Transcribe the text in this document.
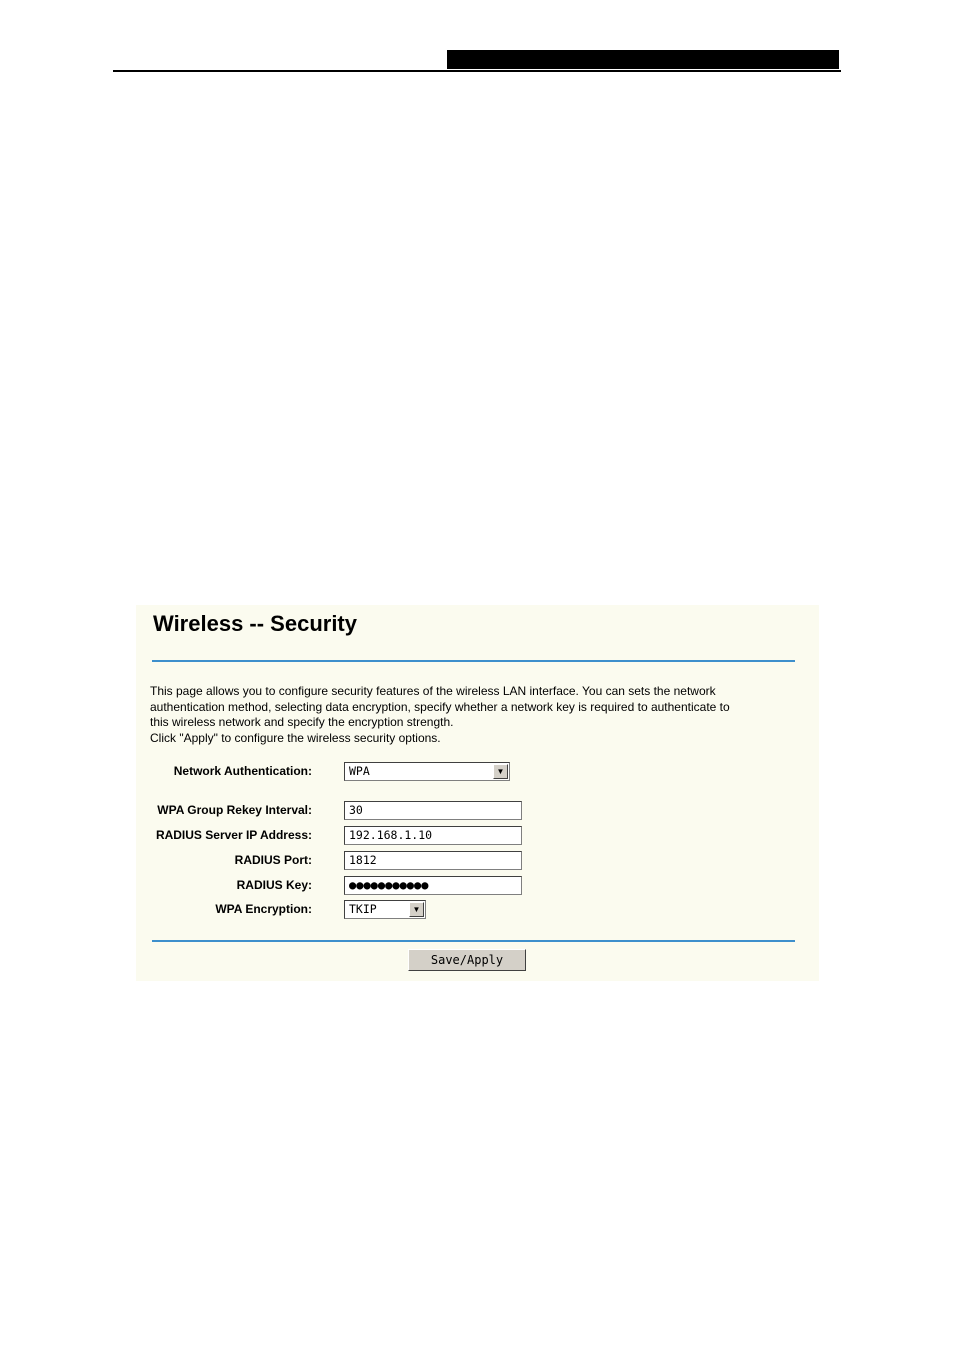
Wireless -- Security
This page allows you to configure security features of the wireless LAN interface. You can sets the network
authentication method, selecting data encryption, specify whether a network key is required to authenticate to
this wireless network and specify the encryption strength.
Click "Apply" to configure the wireless security options.
Network Authentication:	WPA	▼
WPA Group Rekey Interval:	30
RADIUS Server IP Address:	192.168.1.10
RADIUS Port:	1812
RADIUS Key:	●●●●●●●●●●●
WPA Encryption:	TKIP	▼
Save/Apply
